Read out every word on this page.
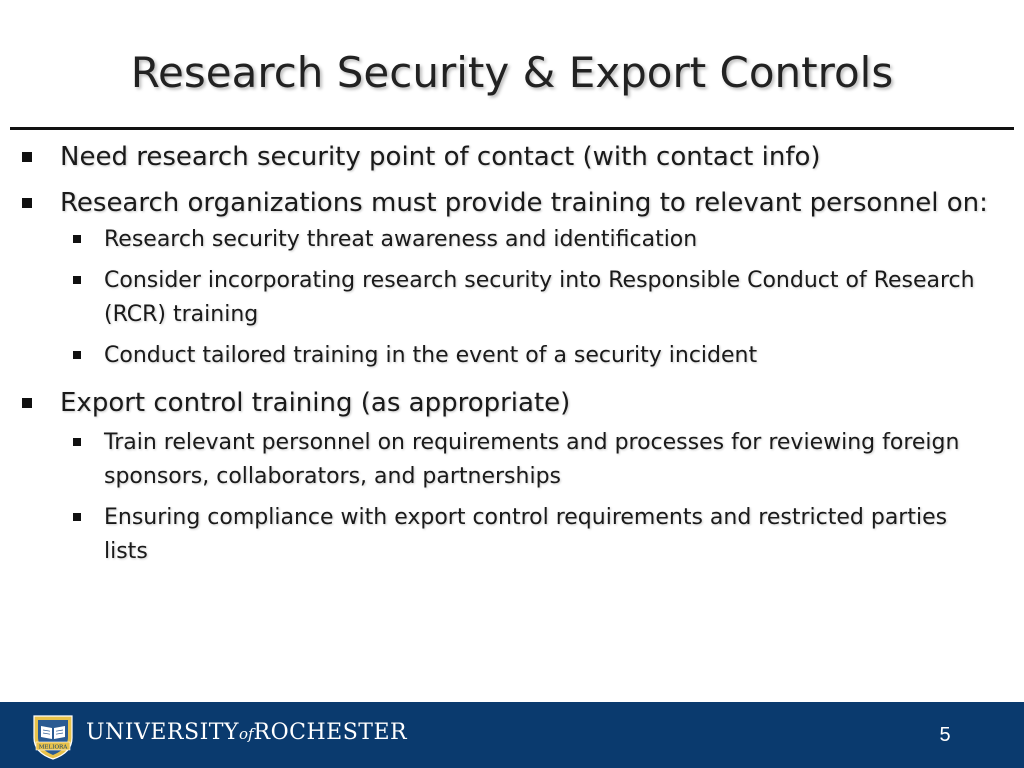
Research Security & Export Controls
Need research security point of contact (with contact info)
Research organizations must provide training to relevant personnel on:
Research security threat awareness and identification
Consider incorporating research security into Responsible Conduct of Research (RCR) training
Conduct tailored training in the event of a security incident
Export control training (as appropriate)
Train relevant personnel on requirements and processes for reviewing foreign sponsors, collaborators, and partnerships
Ensuring compliance with export control requirements and restricted parties lists
MELIORA
UNIVERSITYofROCHESTER	5
